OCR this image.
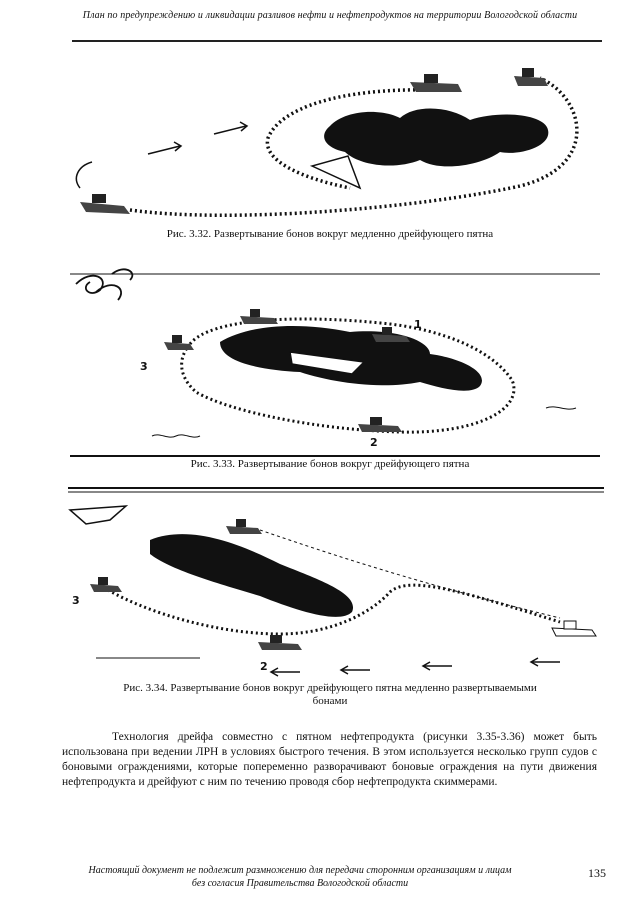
План по предупреждению и ликвидации разливов нефти и нефтепродуктов на территории Вологодской области
Рис. 3.32. Развертывание бонов вокруг медленно дрейфующего пятна
1
2
3
Рис. 3.33. Развертывание бонов вокруг дрейфующего пятна
3
2
Рис. 3.34. Развертывание бонов вокруг дрейфующего пятна медленно развертываемыми
бонами
Технология дрейфа совместно с пятном нефтепродукта (рисунки 3.35-3.36) может быть использована при ведении ЛРН в условиях быстрого течения. В этом используется несколько групп судов с боновыми ограждениями, которые попеременно разворачивают боновые ограждения на пути движения нефтепродукта и дрейфуют с ним по течению проводя сбор нефтепродукта скиммерами.
Настоящий документ не подлежит размножению для передачи сторонним организациям и лицам
без согласия Правительства Вологодской области
135
